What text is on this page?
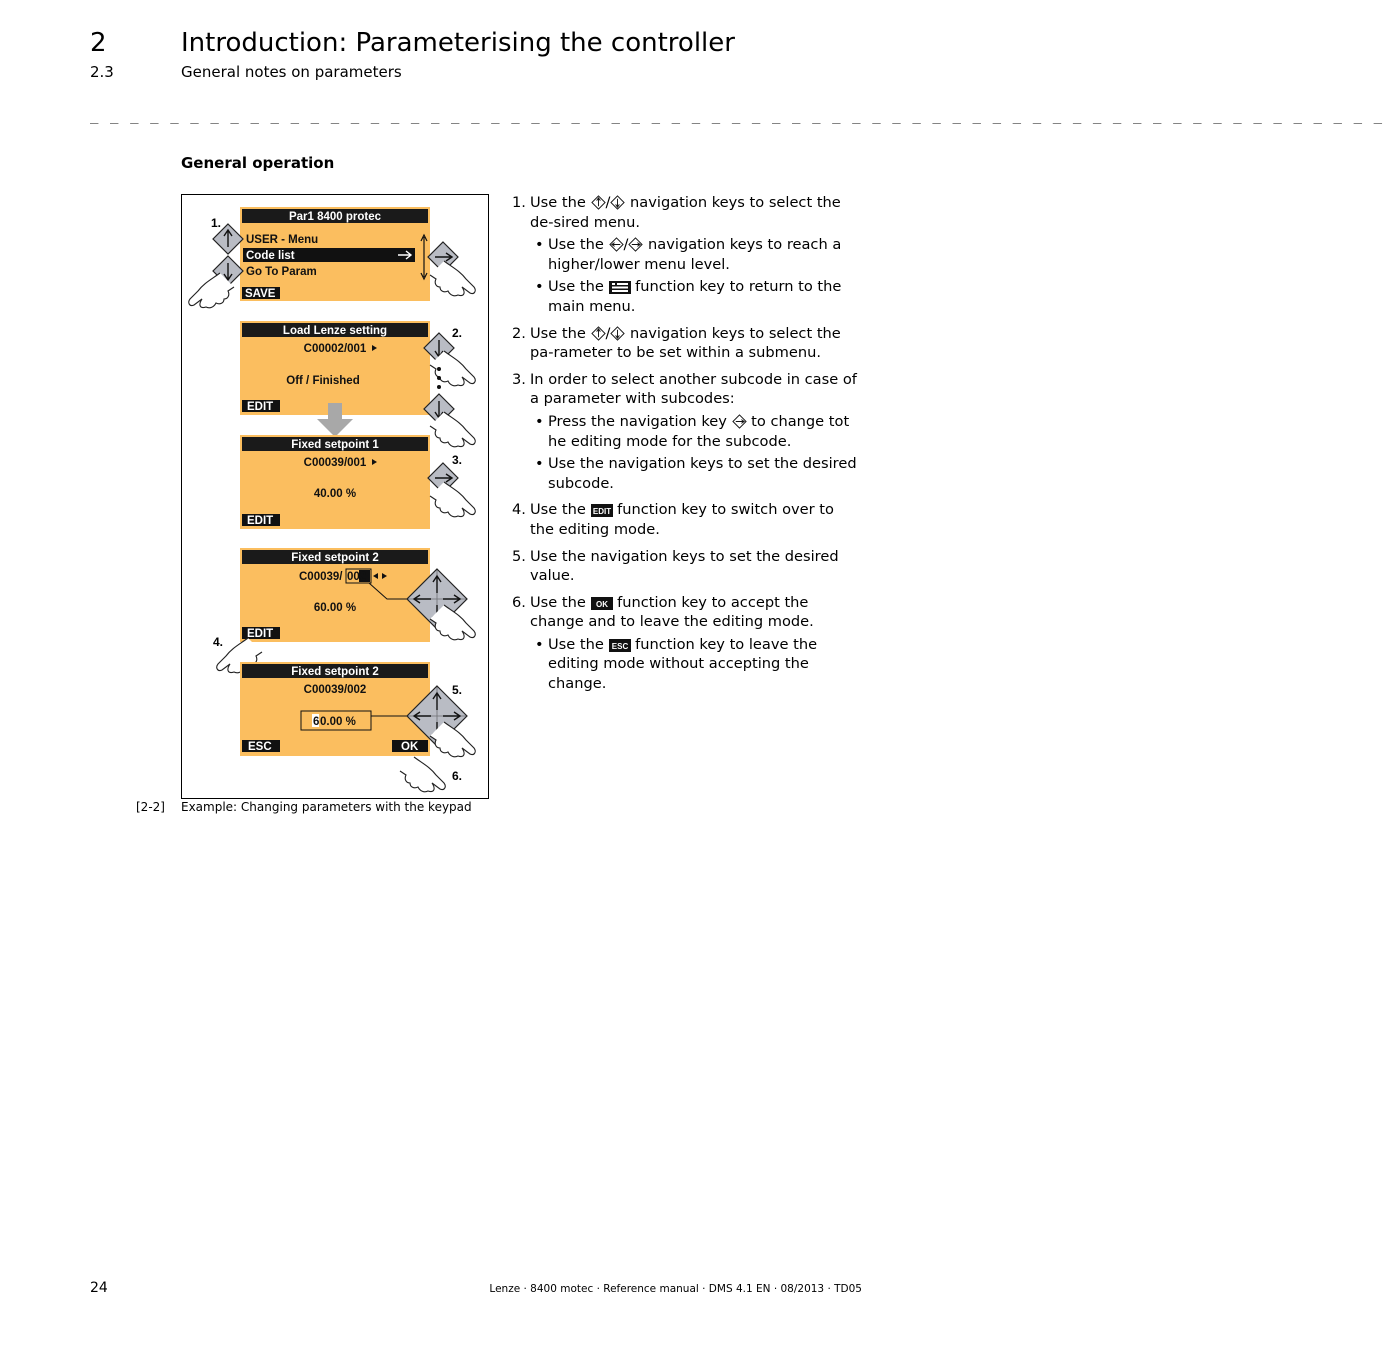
2	Introduction: Parameterising the controller
2.3	General notes on parameters
_ _ _ _ _ _ _ _ _ _ _ _ _ _ _ _ _ _ _ _ _ _ _ _ _ _ _ _ _ _ _ _ _ _ _ _ _ _ _ _ _ _ _ _ _ _ _ _ _ _ _ _ _ _ _ _ _ _ _ _ _ _ _ _ _
General operation
Par1 8400 protec
USER - Menu
Code list
Go To Param
SAVE
1.
Load Lenze setting
C00002/001
Off / Finished
EDIT
2.
Fixed setpoint 1
C00039/001
40.00 %
EDIT
3.
Fixed setpoint 2
C00039/ 002
60.00 %
EDIT
4.
Fixed setpoint 2
C00039/002
6 0.00 %
ESC	OK
5.
6.
[2-2] Example: Changing parameters with the keypad
1. Use the / navigation keys to select the de-sired menu.
• Use the / navigation keys to reach a higher/lower menu level.
• Use the  function key to return to the main menu.
2. Use the / navigation keys to select the pa-rameter to be set within a submenu.
3. In order to select another subcode in case of a parameter with subcodes:
• Press the navigation key  to change tot he editing mode for the subcode.
• Use the navigation keys to set the desired subcode.
4. Use the EDIT function key to switch over to the editing mode.
5. Use the navigation keys to set the desired value.
6. Use the OK function key to accept the change and to leave the editing mode.
• Use the ESC function key to leave the editing mode without accepting the change.
24	Lenze · 8400 motec · Reference manual · DMS 4.1 EN · 08/2013 · TD05
